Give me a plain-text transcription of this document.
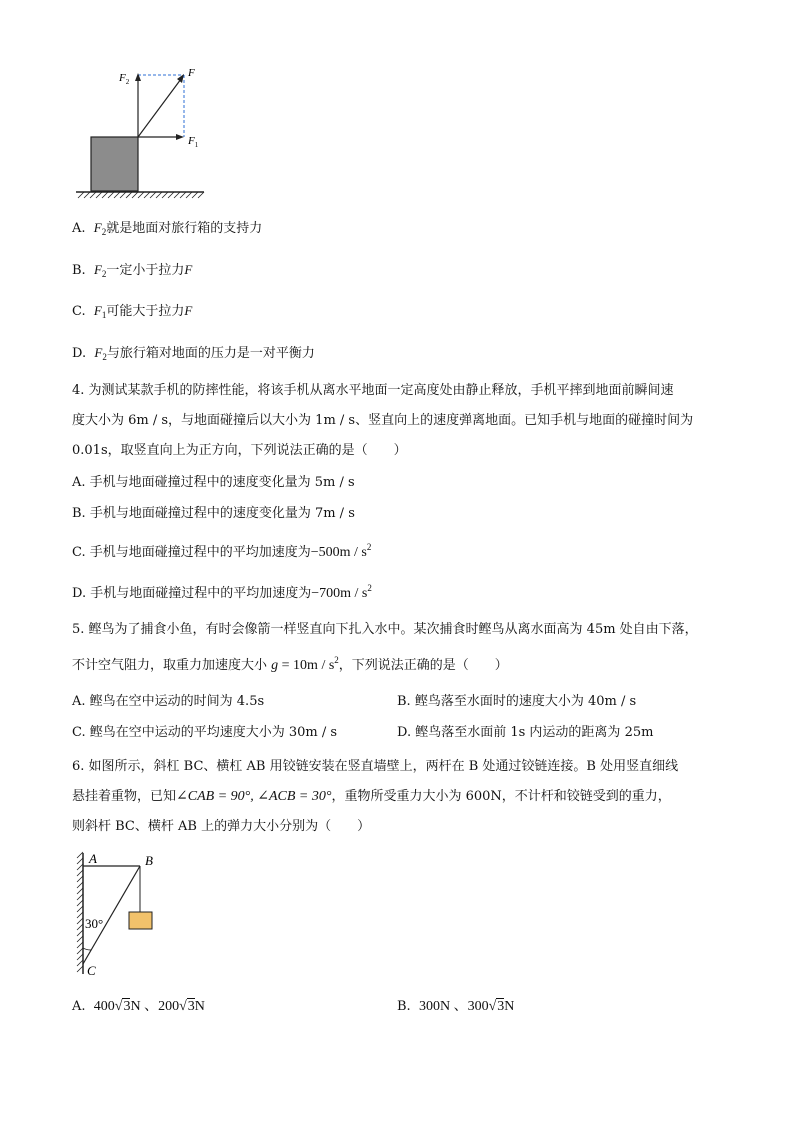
F
$F_2$
$F_1$
A. $F_2$就是地面对旅行箱的支持力
B. $F_2$一定小于拉力F
C. $F_1$可能大于拉力F
D. $F_2$与旅行箱对地面的压力是一对平衡力
4. 为测试某款手机的防摔性能，将该手机从离水平地面一定高度处由静止释放，手机平摔到地面前瞬间速
度大小为 6m / s，与地面碰撞后以大小为 1m / s、竖直向上的速度弹离地面。已知手机与地面的碰撞时间为
0.01s，取竖直向上为正方向，下列说法正确的是（　　）
A. 手机与地面碰撞过程中的速度变化量为 5m / s
B. 手机与地面碰撞过程中的速度变化量为 7m / s
C. 手机与地面碰撞过程中的平均加速度为$-500m / s^2$
D. 手机与地面碰撞过程中的平均加速度为$-700m / s^2$
5. 鲣鸟为了捕食小鱼，有时会像箭一样竖直向下扎入水中。某次捕食时鲣鸟从离水面高为 45m 处自由下落，
不计空气阻力，取重力加速度大小 $g = 10m / s^2$，下列说法正确的是（　　）
A. 鲣鸟在空中运动的时间为 4.5s	B. 鲣鸟落至水面时的速度大小为 40m / s
C. 鲣鸟在空中运动的平均速度大小为 30m / s	D. 鲣鸟落至水面前 1s 内运动的距离为 25m
6. 如图所示，斜杠 BC、横杠 AB 用铰链安装在竖直墙壁上，两杆在 B 处通过铰链连接。B 处用竖直细线
悬挂着重物，已知∠CAB = 90°, ∠ACB = 30°，重物所受重力大小为 600N，不计杆和铰链受到的重力，
则斜杆 BC、横杆 AB 上的弹力大小分别为（　　）
A	B
C
30°
A. 400√3N 、200√3N	B. 300N 、300√3N
